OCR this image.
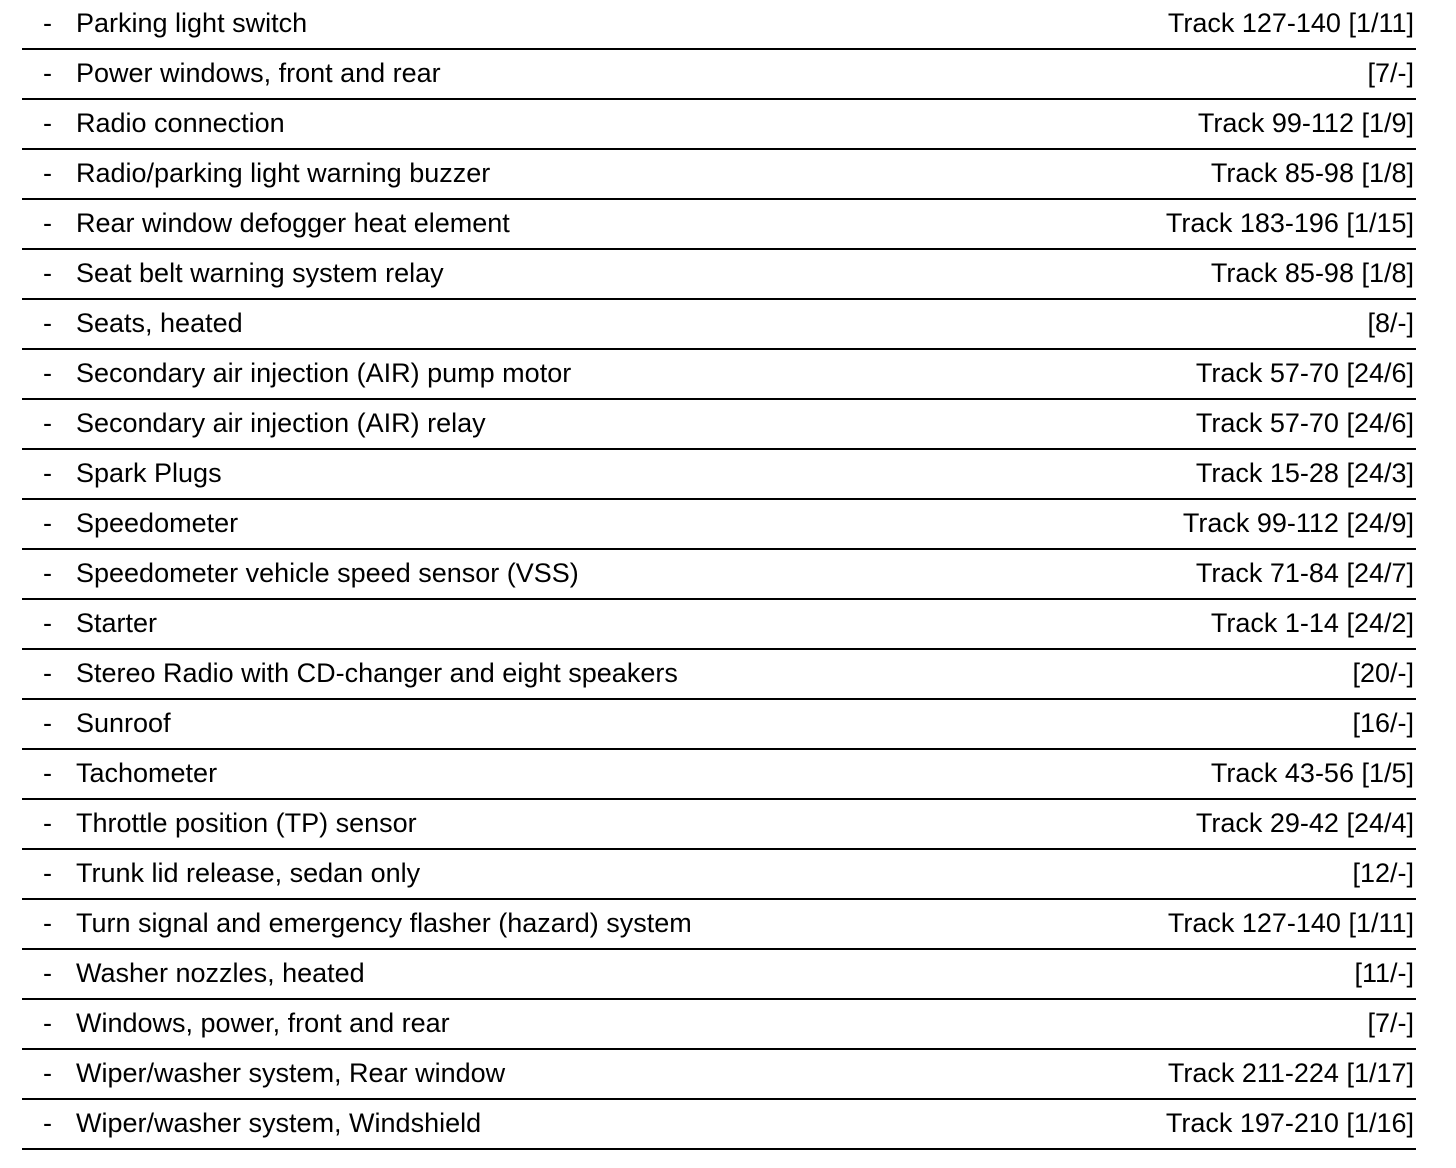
- Parking light switch	Track 127-140 [1/11]
- Power windows, front and rear	[7/-]
- Radio connection	Track 99-112 [1/9]
- Radio/parking light warning buzzer	Track 85-98 [1/8]
- Rear window defogger heat element	Track 183-196 [1/15]
- Seat belt warning system relay	Track 85-98 [1/8]
- Seats, heated	[8/-]
- Secondary air injection (AIR) pump motor	Track 57-70 [24/6]
- Secondary air injection (AIR) relay	Track 57-70 [24/6]
- Spark Plugs	Track 15-28 [24/3]
- Speedometer	Track 99-112 [24/9]
- Speedometer vehicle speed sensor (VSS)	Track 71-84 [24/7]
- Starter	Track 1-14 [24/2]
- Stereo Radio with CD-changer and eight speakers	[20/-]
- Sunroof	[16/-]
- Tachometer	Track 43-56 [1/5]
- Throttle position (TP) sensor	Track 29-42 [24/4]
- Trunk lid release, sedan only	[12/-]
- Turn signal and emergency flasher (hazard) system	Track 127-140 [1/11]
- Washer nozzles, heated	[11/-]
- Windows, power, front and rear	[7/-]
- Wiper/washer system, Rear window	Track 211-224 [1/17]
- Wiper/washer system, Windshield	Track 197-210 [1/16]
